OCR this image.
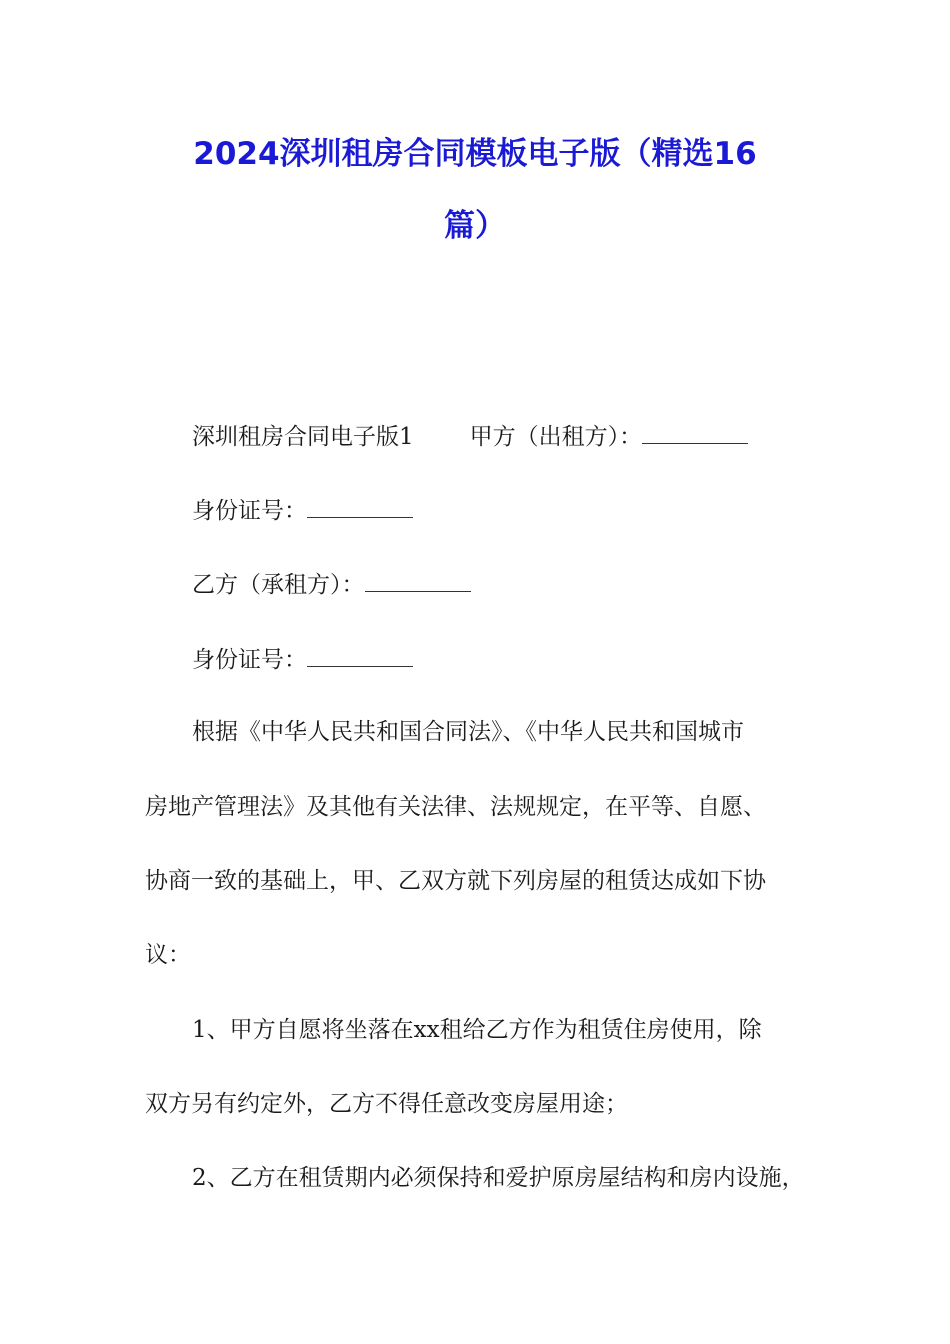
2024深圳租房合同模板电子版（精选16
篇）
深圳租房合同电子版1 甲方（出租方）：
身份证号：
乙方（承租方）：
身份证号：
根据《中华人民共和国合同法》、《中华人民共和国城市
房地产管理法》及其他有关法律、法规规定，在平等、自愿、
协商一致的基础上，甲、乙双方就下列房屋的租赁达成如下协
议：
1、甲方自愿将坐落在xx租给乙方作为租赁住房使用，除
双方另有约定外，乙方不得任意改变房屋用途；
2、乙方在租赁期内必须保持和爱护原房屋结构和房内设施，
